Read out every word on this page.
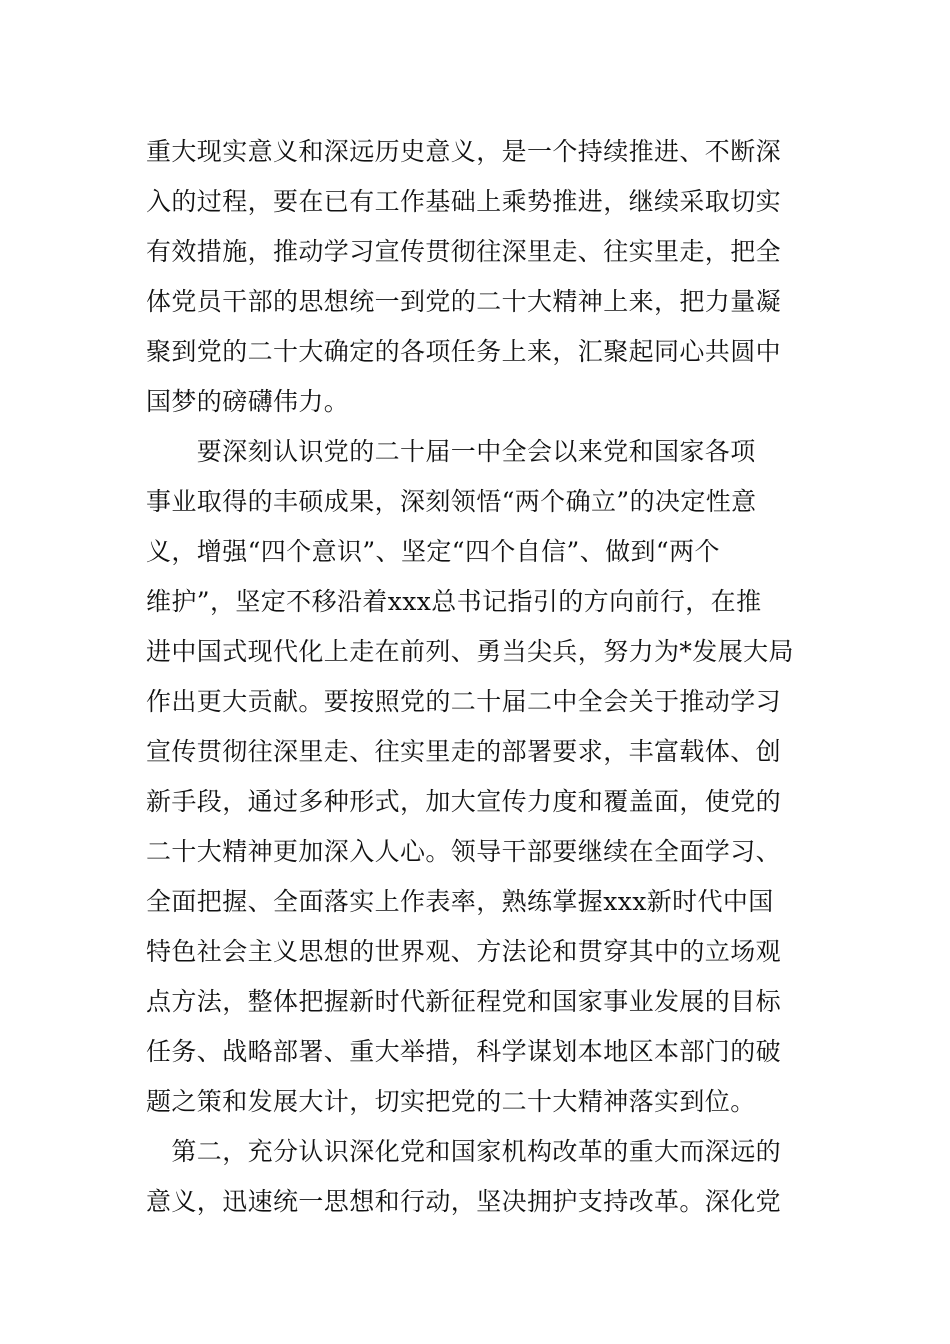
重大现实意义和深远历史意义，是一个持续推进、不断深
入的过程，要在已有工作基础上乘势推进，继续采取切实
有效措施，推动学习宣传贯彻往深里走、往实里走，把全
体党员干部的思想统一到党的二十大精神上来，把力量凝
聚到党的二十大确定的各项任务上来，汇聚起同心共圆中
国梦的磅礴伟力。
　　要深刻认识党的二十届一中全会以来党和国家各项
事业取得的丰硕成果，深刻领悟“两个确立”的决定性意
义，增强“四个意识”、坚定“四个自信”、做到“两个
维护”，坚定不移沿着xxx总书记指引的方向前行，在推
进中国式现代化上走在前列、勇当尖兵，努力为*发展大局
作出更大贡献。要按照党的二十届二中全会关于推动学习
宣传贯彻往深里走、往实里走的部署要求，丰富载体、创
新手段，通过多种形式，加大宣传力度和覆盖面，使党的
二十大精神更加深入人心。领导干部要继续在全面学习、
全面把握、全面落实上作表率，熟练掌握xxx新时代中国
特色社会主义思想的世界观、方法论和贯穿其中的立场观
点方法，整体把握新时代新征程党和国家事业发展的目标
任务、战略部署、重大举措，科学谋划本地区本部门的破
题之策和发展大计，切实把党的二十大精神落实到位。
　第二，充分认识深化党和国家机构改革的重大而深远的
意义，迅速统一思想和行动，坚决拥护支持改革。深化党
